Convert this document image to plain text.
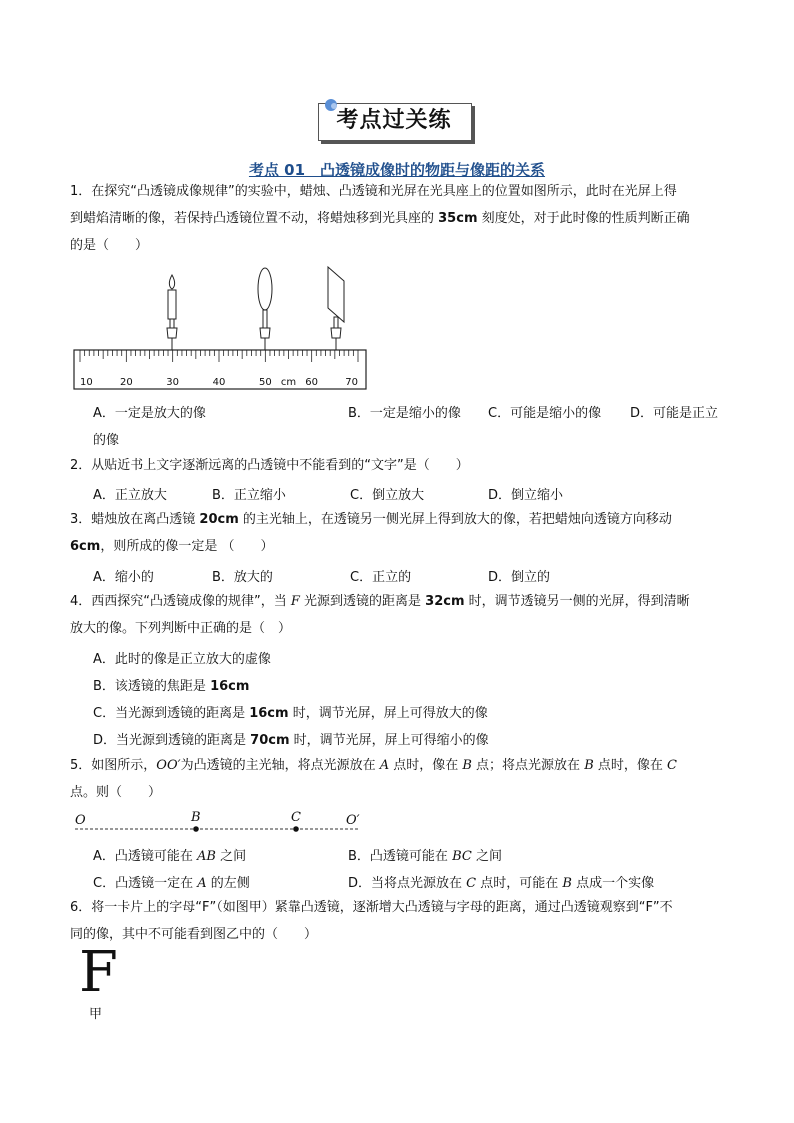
考点过关练
考点 01　凸透镜成像时的物距与像距的关系
1．在探究“凸透镜成像规律”的实验中，蜡烛、凸透镜和光屏在光具座上的位置如图所示，此时在光屏上得
到蜡焰清晰的像，若保持凸透镜位置不动，将蜡烛移到光具座的 35cm 刻度处，对于此时像的性质判断正确
的是（　　）
10	20	30	40	50 cm 60	70
A．一定是放大的像	B．一定是缩小的像 C．可能是缩小的像 D．可能是正立
的像
2．从贴近书上文字逐渐远离的凸透镜中不能看到的“文字”是（　　）
A．正立放大	B．正立缩小	C．倒立放大	D．倒立缩小
3．蜡烛放在离凸透镜 20cm 的主光轴上，在透镜另一侧光屏上得到放大的像，若把蜡烛向透镜方向移动
6cm，则所成的像一定是 （　　）
A．缩小的	B．放大的	C．正立的	D．倒立的
4．西西探究“凸透镜成像的规律”，当 F 光源到透镜的距离是 32cm 时，调节透镜另一侧的光屏，得到清晰
放大的像。下列判断中正确的是（　）
A．此时的像是正立放大的虚像
B．该透镜的焦距是 16cm
C．当光源到透镜的距离是 16cm 时，调节光屏，屏上可得放大的像
D．当光源到透镜的距离是 70cm 时，调节光屏，屏上可得缩小的像
5．如图所示，OO′为凸透镜的主光轴，将点光源放在 A 点时，像在 B 点；将点光源放在 B 点时，像在 C
点。则（　　）
O	B	C	O′
A．凸透镜可能在 AB 之间	B．凸透镜可能在 BC 之间
C．凸透镜一定在 A 的左侧	D．当将点光源放在 C 点时，可能在 B 点成一个实像
6．将一卡片上的字母“F”（如图甲）紧靠凸透镜，逐渐增大凸透镜与字母的距离，通过凸透镜观察到“F”不
同的像，其中不可能看到图乙中的（　　）
F
甲
